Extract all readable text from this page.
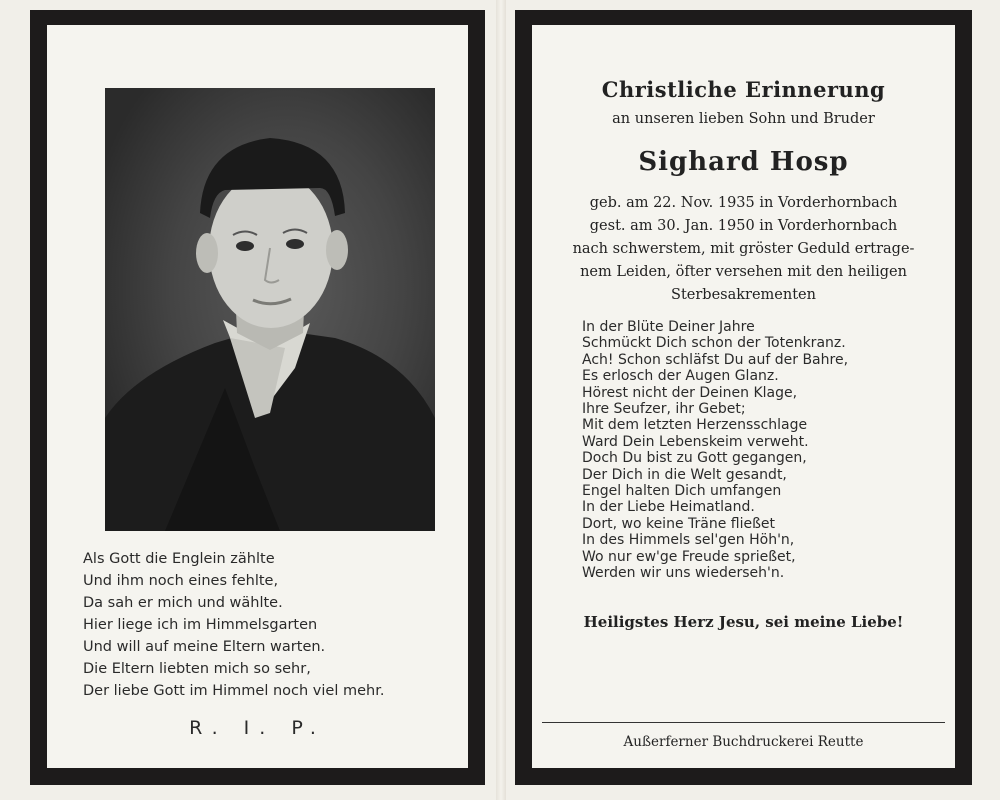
Als Gott die Englein zählte
Und ihm noch eines fehlte,
Da sah er mich und wählte.
Hier liege ich im Himmelsgarten
Und will auf meine Eltern warten.
Die Eltern liebten mich so sehr,
Der liebe Gott im Himmel noch viel mehr.
R. I. P.
Christliche Erinnerung
an unseren lieben Sohn und Bruder
Sighard Hosp
geb. am 22. Nov. 1935 in Vorderhornbach
gest. am 30. Jan. 1950 in Vorderhornbach
nach schwerstem, mit gröster Geduld ertrage-
nem Leiden, öfter versehen mit den heiligen
Sterbesakrementen
In der Blüte Deiner Jahre
Schmückt Dich schon der Totenkranz.
Ach! Schon schläfst Du auf der Bahre,
Es erlosch der Augen Glanz.
Hörest nicht der Deinen Klage,
Ihre Seufzer, ihr Gebet;
Mit dem letzten Herzensschlage
Ward Dein Lebenskeim verweht.
Doch Du bist zu Gott gegangen,
Der Dich in die Welt gesandt,
Engel halten Dich umfangen
In der Liebe Heimatland.
Dort, wo keine Träne fließet
In des Himmels sel'gen Höh'n,
Wo nur ew'ge Freude sprießet,
Werden wir uns wiederseh'n.
Heiligstes Herz Jesu, sei meine Liebe!
Außerferner Buchdruckerei Reutte
